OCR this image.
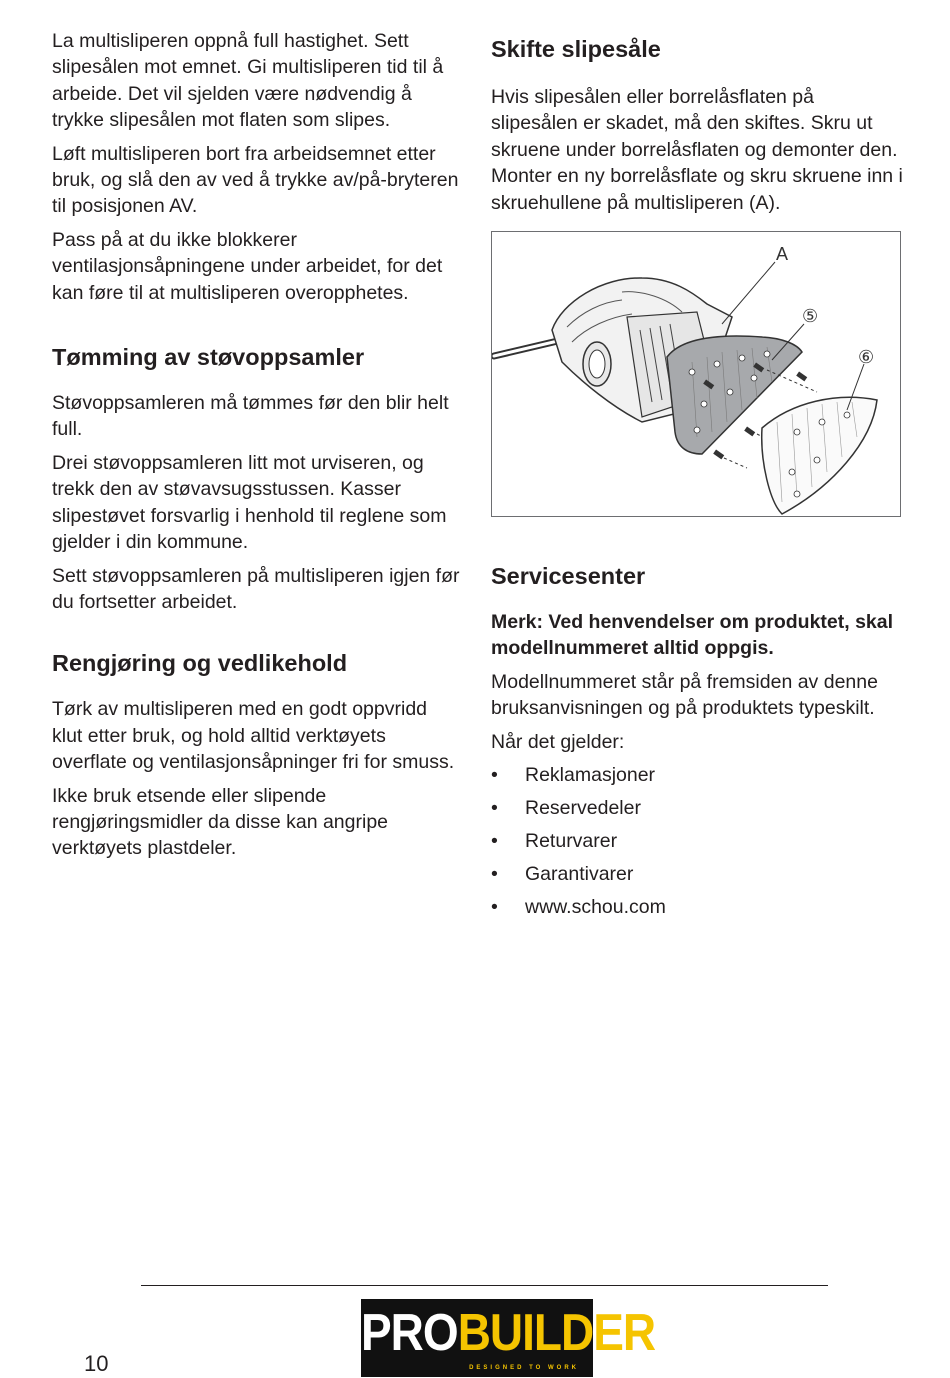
La multisliperen oppnå full hastighet. Sett slipesålen mot emnet. Gi multisliperen tid til å arbeide. Det vil sjelden være nødvendig å trykke slipesålen mot flaten som slipes.

Løft multisliperen bort fra arbeidsemnet etter bruk, og slå den av ved å trykke av/på-bryteren til posisjonen AV.

Pass på at du ikke blokkerer ventilasjonsåpningene under arbeidet, for det kan føre til at multisliperen overopphetes.

Tømming av støvoppsamler

Støvoppsamleren må tømmes før den blir helt full.

Drei støvoppsamleren litt mot urviseren, og trekk den av støvavsugsstussen. Kasser slipestøvet forsvarlig i henhold til reglene som gjelder i din kommune.

Sett støvoppsamleren på multisliperen igjen før du fortsetter arbeidet.

Rengjøring og vedlikehold

Tørk av multisliperen med en godt oppvridd klut etter bruk, og hold alltid verktøyets overflate og ventilasjonsåpninger fri for smuss.

Ikke bruk etsende eller slipende rengjøringsmidler da disse kan angripe verktøyets plastdeler.

Skifte slipesåle

Hvis slipesålen eller borrelåsflaten på slipesålen er skadet, må den skiftes. Skru ut skruene under borrelåsflaten og demonter den. Monter en ny borrelåsflate og skru skruene inn i skruehullene på multisliperen (A).

A
⑤
⑥
Servicesenter

Merk: Ved henvendelser om produktet, skal modellnummeret alltid oppgis.

Modellnummeret står på fremsiden av denne bruksanvisningen og på produktets typeskilt.

Når det gjelder:

•	Reklamasjoner
•	Reservedeler
•	Returvarer
•	Garantivarer
•	www.schou.com
10
PROBUILDER
DESIGNED TO WORK
